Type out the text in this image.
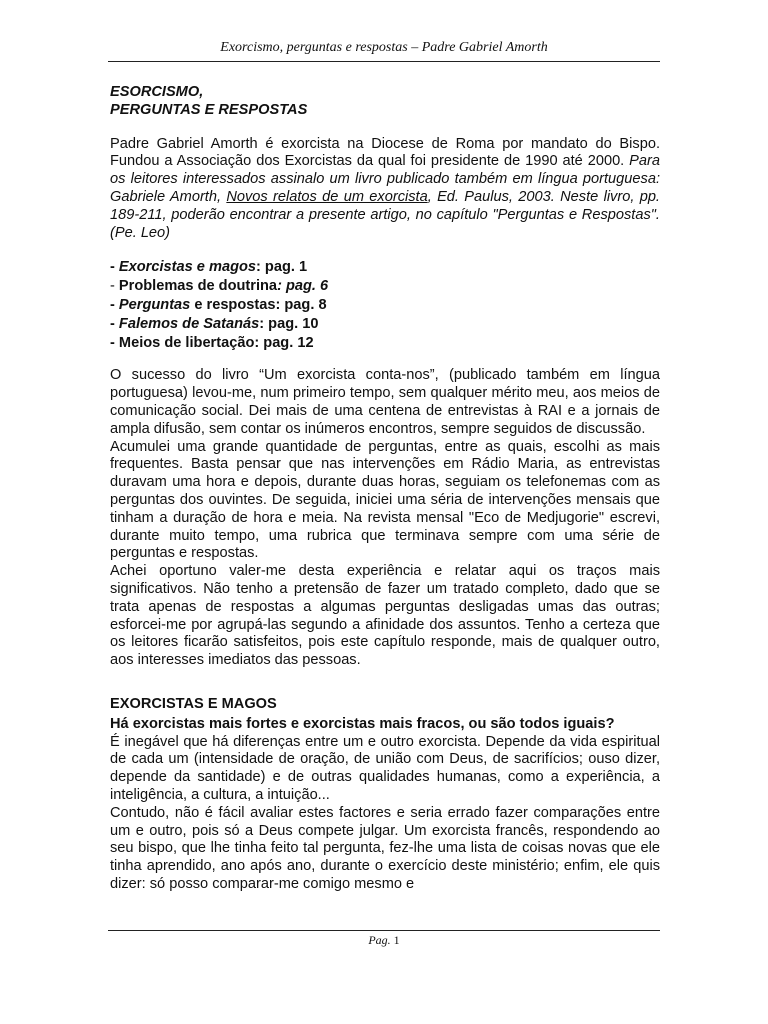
Exorcismo, perguntas e respostas – Padre Gabriel Amorth

ESORCISMO,
PERGUNTAS E RESPOSTAS

Padre Gabriel Amorth é exorcista na Diocese de Roma por mandato do Bispo. Fundou a Associação dos Exorcistas da qual foi presidente de 1990 até 2000. Para os leitores interessados assinalo um livro publicado também em língua portuguesa: Gabriele Amorth, Novos relatos de um exorcista, Ed. Paulus, 2003. Neste livro, pp. 189-211, poderão encontrar a presente artigo, no capítulo "Perguntas e Respostas". (Pe. Leo)

- Exorcistas e magos: pag. 1
- Problemas de doutrina: pag. 6
- Perguntas e respostas: pag. 8
- Falemos de Satanás: pag. 10
- Meios de libertação: pag. 12

O sucesso do livro “Um exorcista conta-nos”, (publicado também em língua portuguesa) levou-me, num primeiro tempo, sem qualquer mérito meu, aos meios de comunicação social. Dei mais de uma centena de entrevistas à RAI e a jornais de ampla difusão, sem contar os inúmeros encontros, sempre seguidos de discussão.

Acumulei uma grande quantidade de perguntas, entre as quais, escolhi as mais frequentes. Basta pensar que nas intervenções em Rádio Maria, as entrevistas duravam uma hora e depois, durante duas horas, seguiam os telefonemas com as perguntas dos ouvintes. De seguida, iniciei uma séria de intervenções mensais que tinham a duração de hora e meia. Na revista mensal "Eco de Medjugorie" escrevi, durante muito tempo, uma rubrica que terminava sempre com uma série de perguntas e respostas.

Achei oportuno valer-me desta experiência e relatar aqui os traços mais significativos. Não tenho a pretensão de fazer um tratado completo, dado que se trata apenas de respostas a algumas perguntas desligadas umas das outras; esforcei-me por agrupá-las segundo a afinidade dos assuntos. Tenho a certeza que os leitores ficarão satisfeitos, pois este capítulo responde, mais de qualquer outro, aos interesses imediatos das pessoas.

EXORCISTAS E MAGOS

Há exorcistas mais fortes e exorcistas mais fracos, ou são todos iguais?

É inegável que há diferenças entre um e outro exorcista. Depende da vida espiritual de cada um (intensidade de oração, de união com Deus, de sacrifícios; ouso dizer, depende da santidade) e de outras qualidades humanas, como a experiência, a inteligência, a cultura, a intuição...

Contudo, não é fácil avaliar estes factores e seria errado fazer comparações entre um e outro, pois só a Deus compete julgar. Um exorcista francês, respondendo ao seu bispo, que lhe tinha feito tal pergunta, fez-lhe uma lista de coisas novas que ele tinha aprendido, ano após ano, durante o exercício deste ministério; enfim, ele quis dizer: só posso comparar-me comigo mesmo e

Pag. 1
